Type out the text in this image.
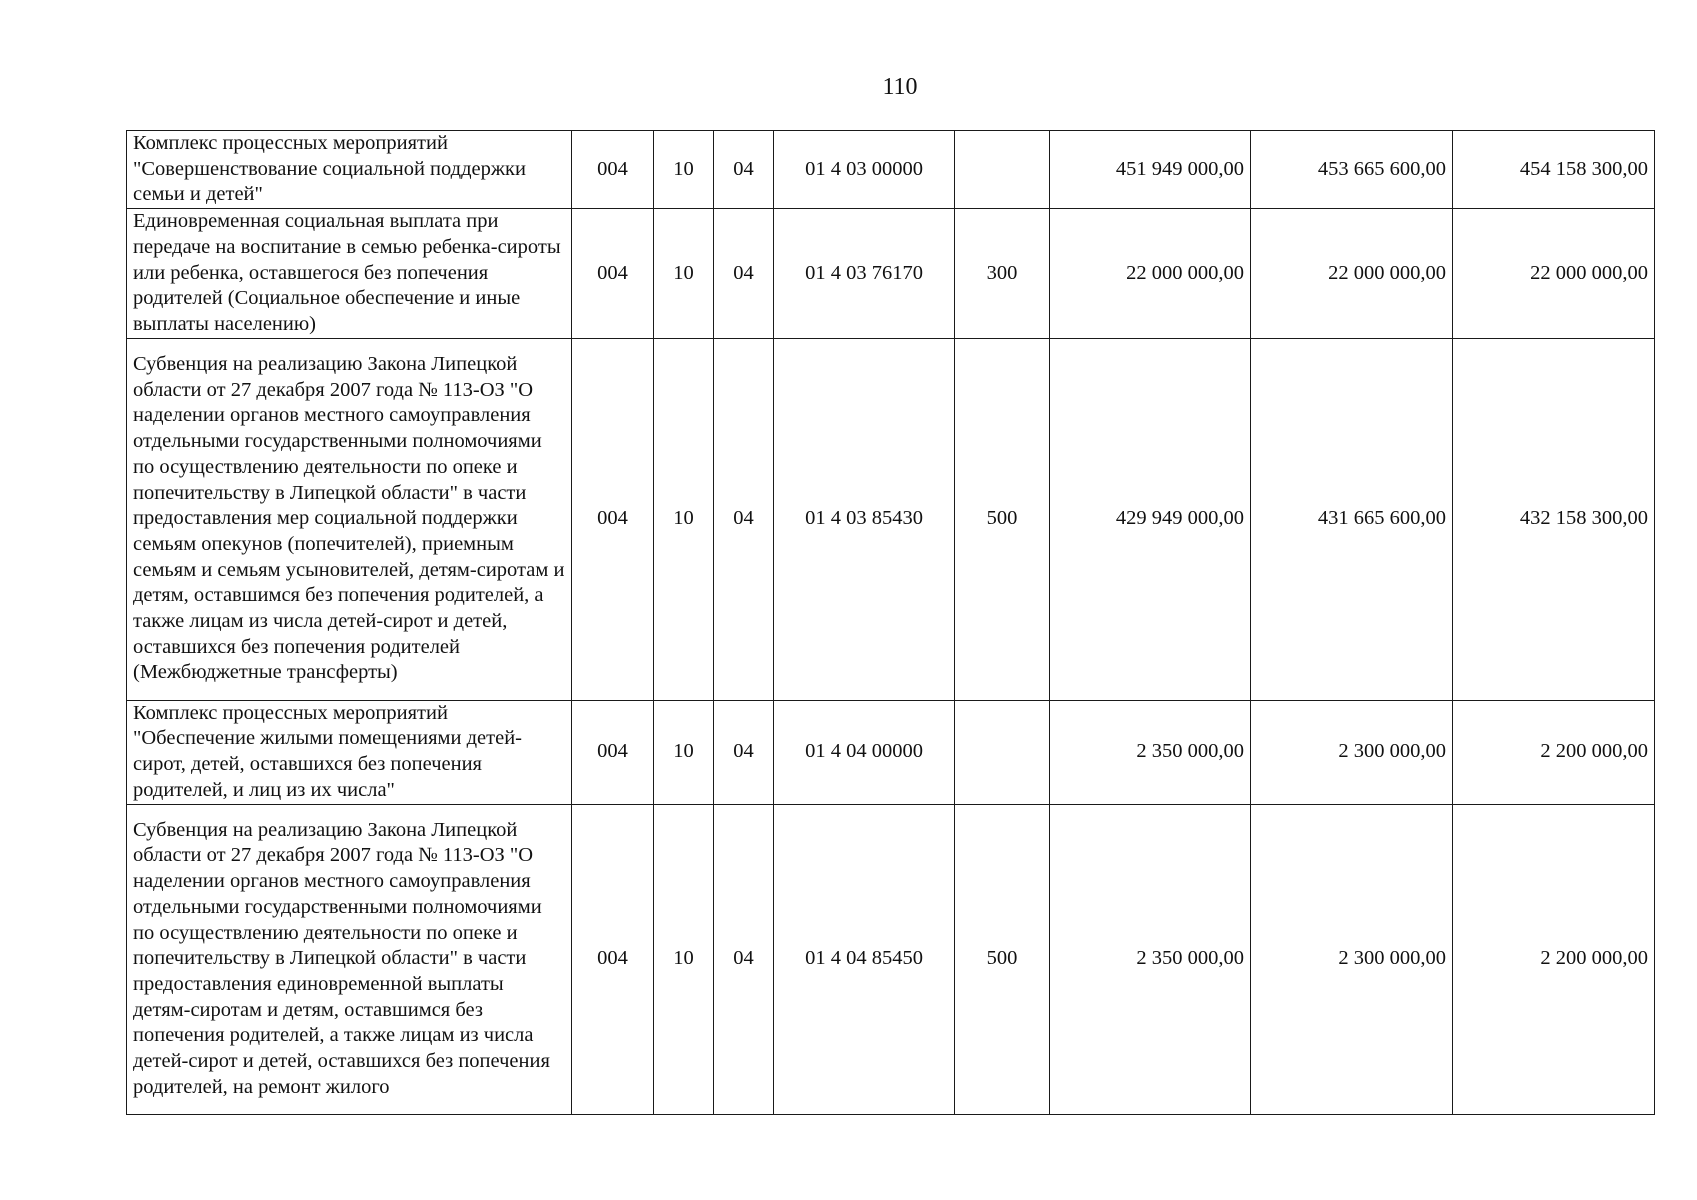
110
Комплекс процессных мероприятий "Совершенствование социальной поддержки семьи и детей"	004	10	04	01 4 03 00000		451 949 000,00	453 665 600,00	454 158 300,00
Единовременная социальная выплата при передаче на воспитание в семью ребенка-сироты или ребенка, оставшегося без попечения родителей (Социальное обеспечение и иные выплаты населению)	004	10	04	01 4 03 76170	300	22 000 000,00	22 000 000,00	22 000 000,00
Субвенция на реализацию Закона Липецкой области от 27 декабря 2007 года № 113-ОЗ "О наделении органов местного самоуправления отдельными государственными полномочиями по осуществлению деятельности по опеке и попечительству в Липецкой области" в части предоставления мер социальной поддержки семьям опекунов (попечителей), приемным семьям и семьям усыновителей, детям-сиротам и детям, оставшимся без попечения родителей, а также лицам из числа детей-сирот и детей, оставшихся без попечения родителей (Межбюджетные трансферты)	004	10	04	01 4 03 85430	500	429 949 000,00	431 665 600,00	432 158 300,00
Комплекс процессных мероприятий "Обеспечение жилыми помещениями детей-сирот, детей, оставшихся без попечения родителей, и лиц из их числа"	004	10	04	01 4 04 00000		2 350 000,00	2 300 000,00	2 200 000,00
Субвенция на реализацию Закона Липецкой области от 27 декабря 2007 года № 113-ОЗ "О наделении органов местного самоуправления отдельными государственными полномочиями по осуществлению деятельности по опеке и попечительству в Липецкой области" в части предоставления единовременной выплаты детям-сиротам и детям, оставшимся без попечения родителей, а также лицам из числа детей-сирот и детей, оставшихся без попечения родителей, на ремонт жилого	004	10	04	01 4 04 85450	500	2 350 000,00	2 300 000,00	2 200 000,00
